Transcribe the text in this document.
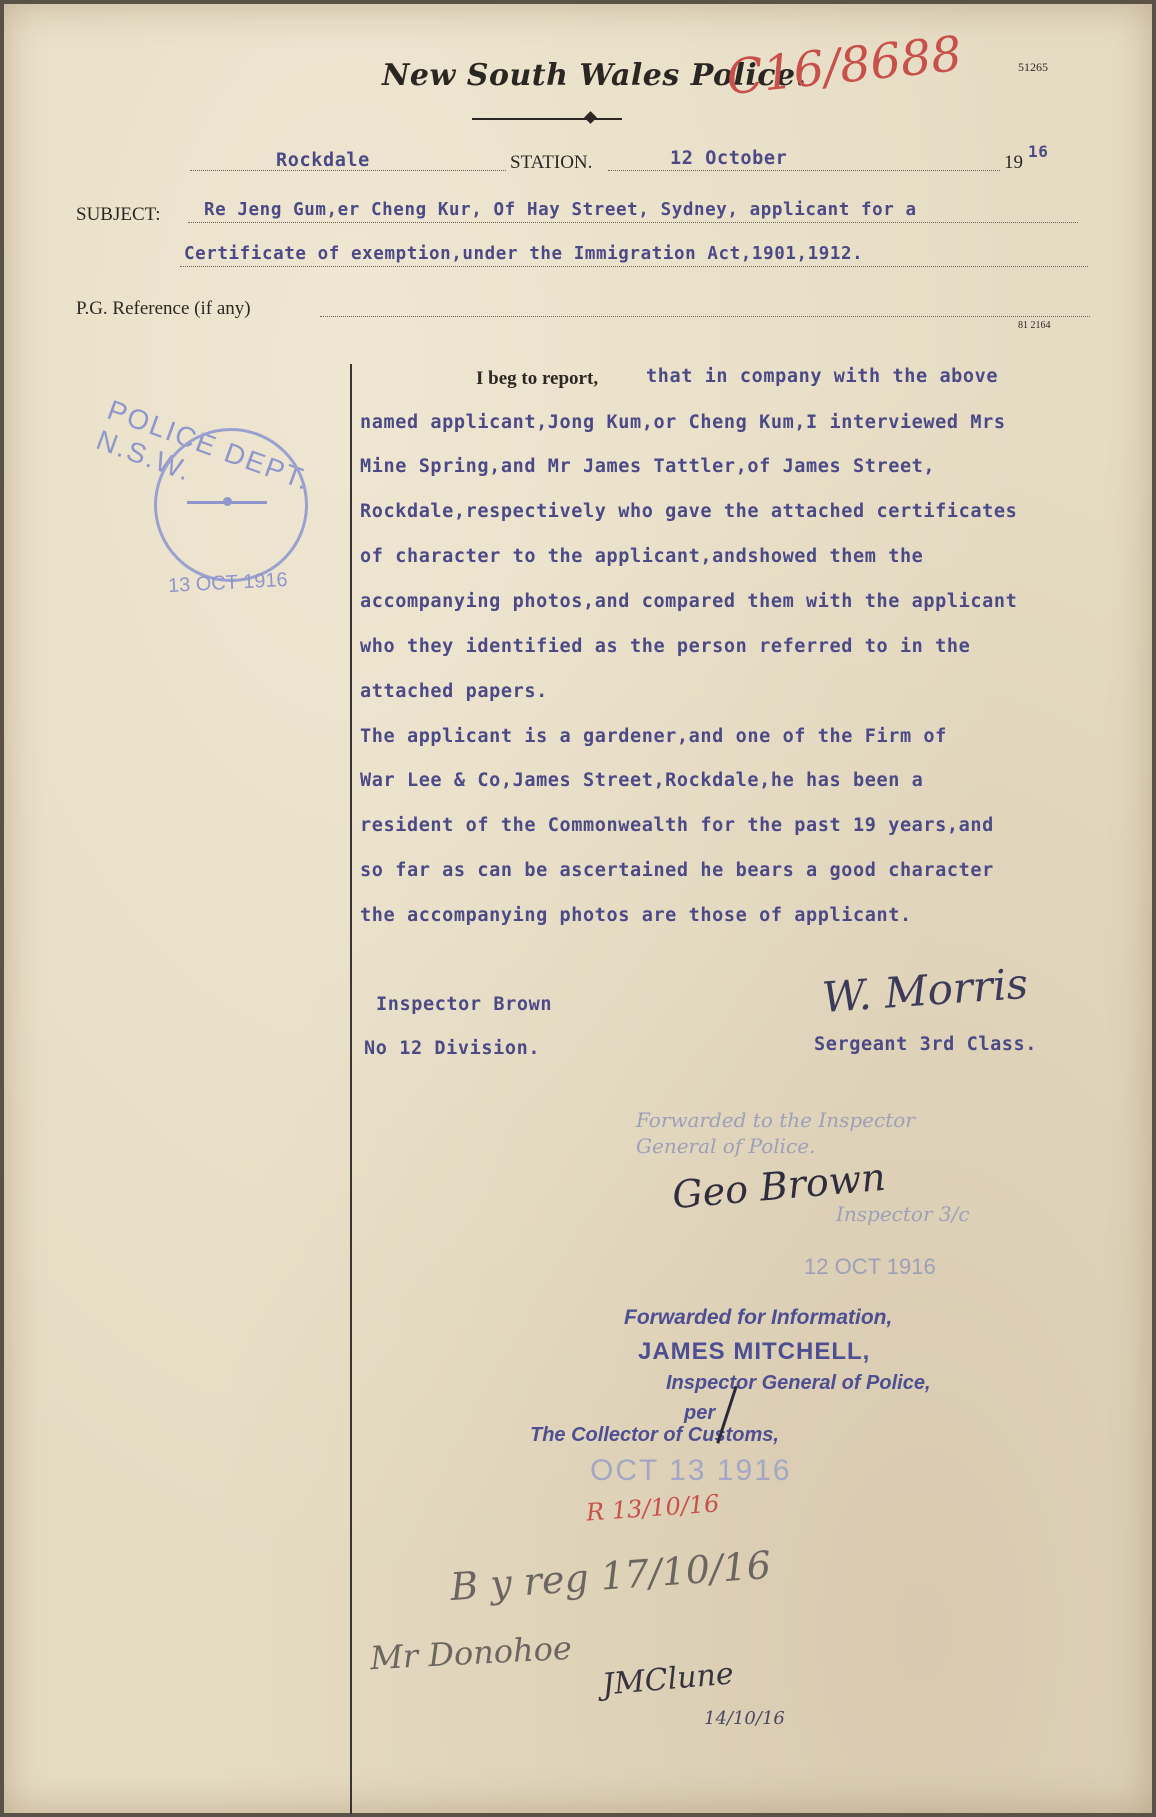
New South Wales Police.
C16/8688	51265
Rockdale	STATION.	12 October	19
16
SUBJECT: Re Jeng Gum,er Cheng Kur, Of Hay Street, Sydney, applicant for a
Certificate of exemption,under the Immigration Act,1901,1912.
P.G. Reference (if any)
81 2164
POLICE DEPT. N.S.W.
13 OCT 1916
I beg to report,	that in company with the above
named applicant,Jong Kum,or Cheng Kum,I interviewed Mrs
Mine Spring,and Mr James Tattler,of James Street,
Rockdale,respectively who gave the attached certificates
of character to the applicant,andshowed them the
accompanying photos,and compared them with the applicant
who they identified as the person referred to in the
attached papers.
The applicant is a gardener,and one of the Firm of
War Lee & Co,James Street,Rockdale,he has been a
resident of the Commonwealth for the past 19 years,and
so far as can be ascertained he bears a good character
the accompanying photos are those of applicant.
Inspector Brown
No 12 Division.
W. Morris
Sergeant 3rd Class.
Forwarded to the Inspector
General of Police.
Geo Brown
Inspector 3/c
12 OCT 1916
Forwarded for Information,
JAMES MITCHELL,
Inspector General of Police,
per
The Collector of Customs,
OCT 13 1916
R 13/10/16
B y reg 17/10/16
Mr Donohoe
JMClune
14/10/16
